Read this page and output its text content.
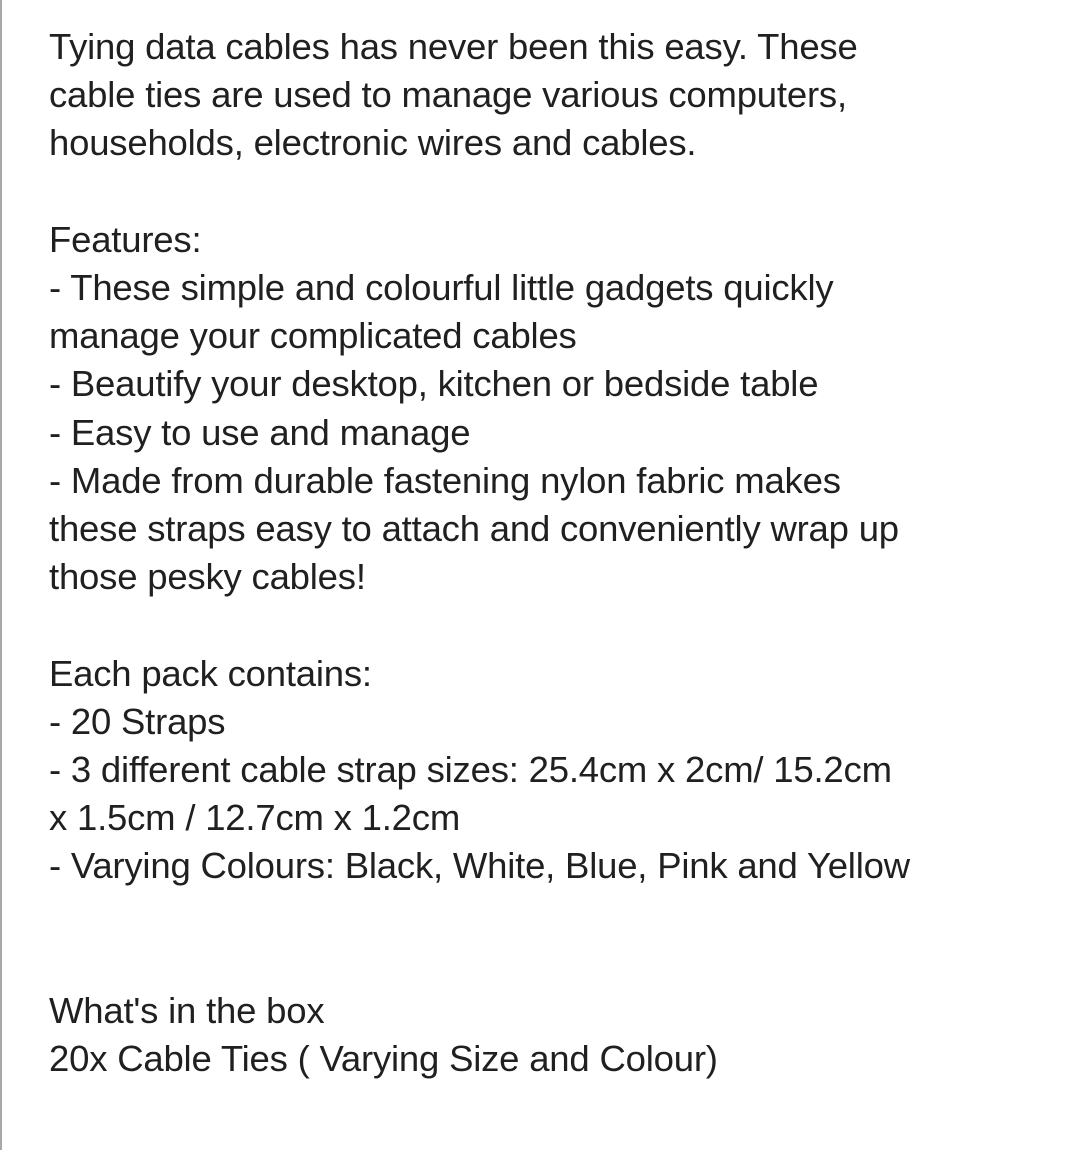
Tying data cables has never been this easy. These
cable ties are used to manage various computers,
households, electronic wires and cables.
Features:
- These simple and colourful little gadgets quickly
manage your complicated cables
- Beautify your desktop, kitchen or bedside table
- Easy to use and manage
- Made from durable fastening nylon fabric makes
these straps easy to attach and conveniently wrap up
those pesky cables!
Each pack contains:
- 20 Straps
- 3 different cable strap sizes: 25.4cm x 2cm/ 15.2cm
x 1.5cm / 12.7cm x 1.2cm
- Varying Colours: Black, White, Blue, Pink and Yellow
What's in the box
20x Cable Ties ( Varying Size and Colour)
